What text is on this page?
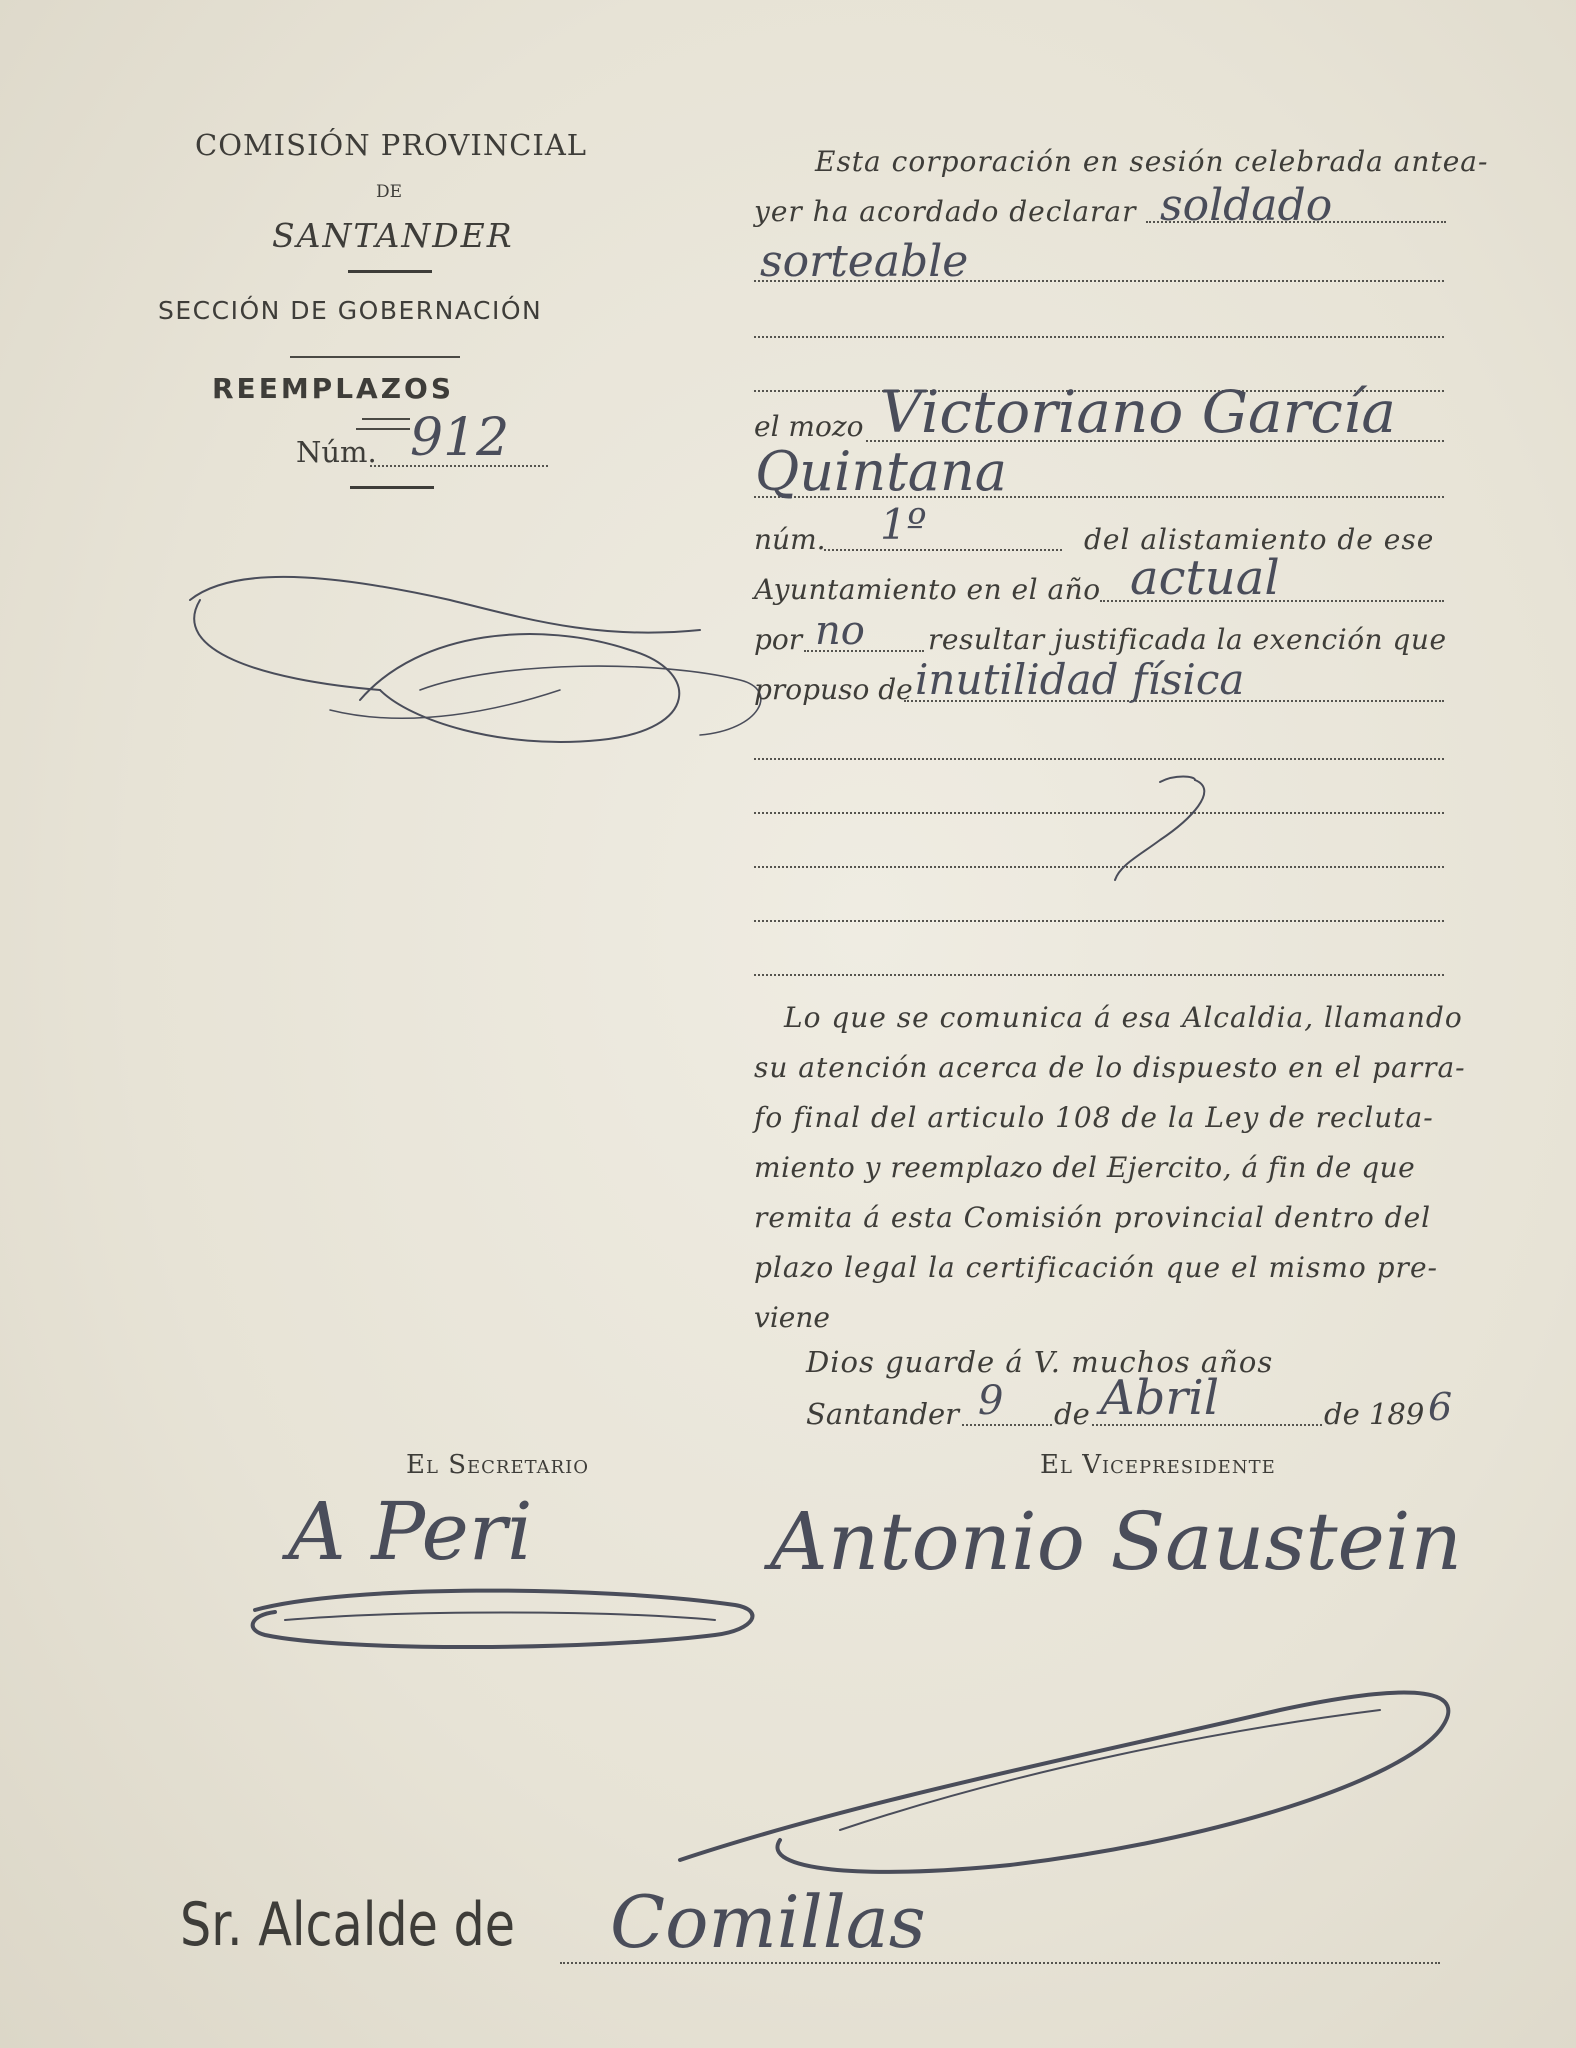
COMISIÓN PROVINCIAL
DE
SANTANDER
SECCIÓN DE GOBERNACIÓN
REEMPLAZOS
Núm. 912
Esta corporación en sesión celebrada antea-
yer ha acordado declarar soldado
sorteable
el mozo Victoriano García
Quintana
núm. 1º	del alistamiento de ese
Ayuntamiento en el año actual
por no resultar justificada la exención que
propuso de inutilidad física
Lo que se comunica á esa Alcaldia, llamando
su atención acerca de lo dispuesto en el parra-
fo final del articulo 108 de la Ley de recluta-
miento y reemplazo del Ejercito, á fin de que
remita á esta Comisión provincial dentro del
plazo legal la certificación que el mismo pre-
viene
Dios guarde á V. muchos años
Santander 9 de Abril	de 189 6
El Secretario	El Vicepresidente
A Peri	Antonio Saustein
Sr. Alcalde de Comillas
